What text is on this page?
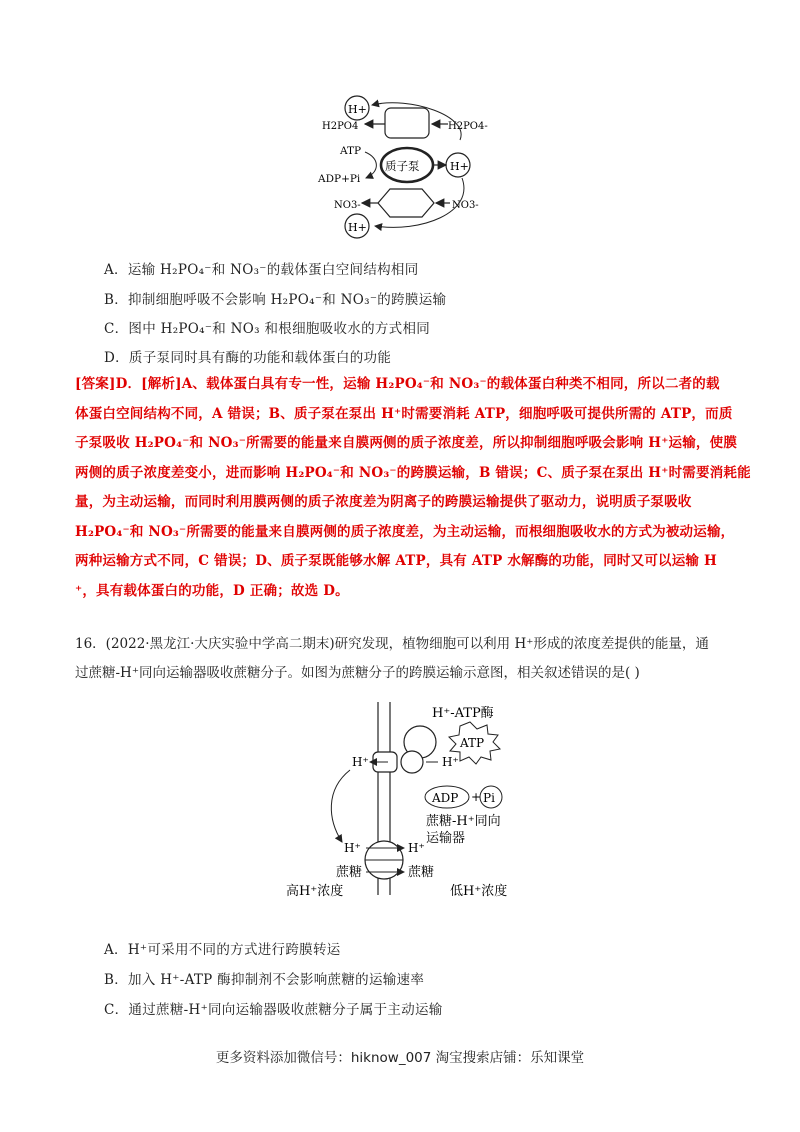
H+
H2PO4	H2PO4-
ATP
ADP+Pi
质子泵	H+
NO3-	NO3-
H+
A．运输 H₂PO₄⁻和 NO₃⁻的载体蛋白空间结构相同
B．抑制细胞呼吸不会影响 H₂PO₄⁻和 NO₃⁻的跨膜运输
C．图中 H₂PO₄⁻和 NO₃ 和根细胞吸收水的方式相同
D．质子泵同时具有酶的功能和载体蛋白的功能
[答案]D．[解析]A、载体蛋白具有专一性，运输 H₂PO₄⁻和 NO₃⁻的载体蛋白种类不相同，所以二者的载
体蛋白空间结构不同，A 错误；B、质子泵在泵出 H⁺时需要消耗 ATP，细胞呼吸可提供所需的 ATP，而质
子泵吸收 H₂PO₄⁻和 NO₃⁻所需要的能量来自膜两侧的质子浓度差，所以抑制细胞呼吸会影响 H⁺运输，使膜
两侧的质子浓度差变小，进而影响 H₂PO₄⁻和 NO₃⁻的跨膜运输，B 错误；C、质子泵在泵出 H⁺时需要消耗能
量，为主动运输，而同时利用膜两侧的质子浓度差为阴离子的跨膜运输提供了驱动力，说明质子泵吸收
H₂PO₄⁻和 NO₃⁻所需要的能量来自膜两侧的质子浓度差，为主动运输，而根细胞吸收水的方式为被动运输，
两种运输方式不同，C 错误；D、质子泵既能够水解 ATP，具有 ATP 水解酶的功能，同时又可以运输 H
⁺，具有载体蛋白的功能，D 正确；故选 D。
16．(2022·黑龙江·大庆实验中学高二期末)研究发现，植物细胞可以利用 H⁺形成的浓度差提供的能量，通
过蔗糖-H⁺同向运输器吸收蔗糖分子。如图为蔗糖分子的跨膜运输示意图，相关叙述错误的是( )
H⁺-ATP酶
ATP
H⁺	H⁺
ADP + Pi
蔗糖-H⁺同向
运输器
H⁺	H⁺
蔗糖	蔗糖
高H⁺浓度	低H⁺浓度
A．H⁺可采用不同的方式进行跨膜转运
B．加入 H⁺-ATP 酶抑制剂不会影响蔗糖的运输速率
C．通过蔗糖-H⁺同向运输器吸收蔗糖分子属于主动运输
更多资料添加微信号：hiknow_007 淘宝搜索店铺：乐知课堂
